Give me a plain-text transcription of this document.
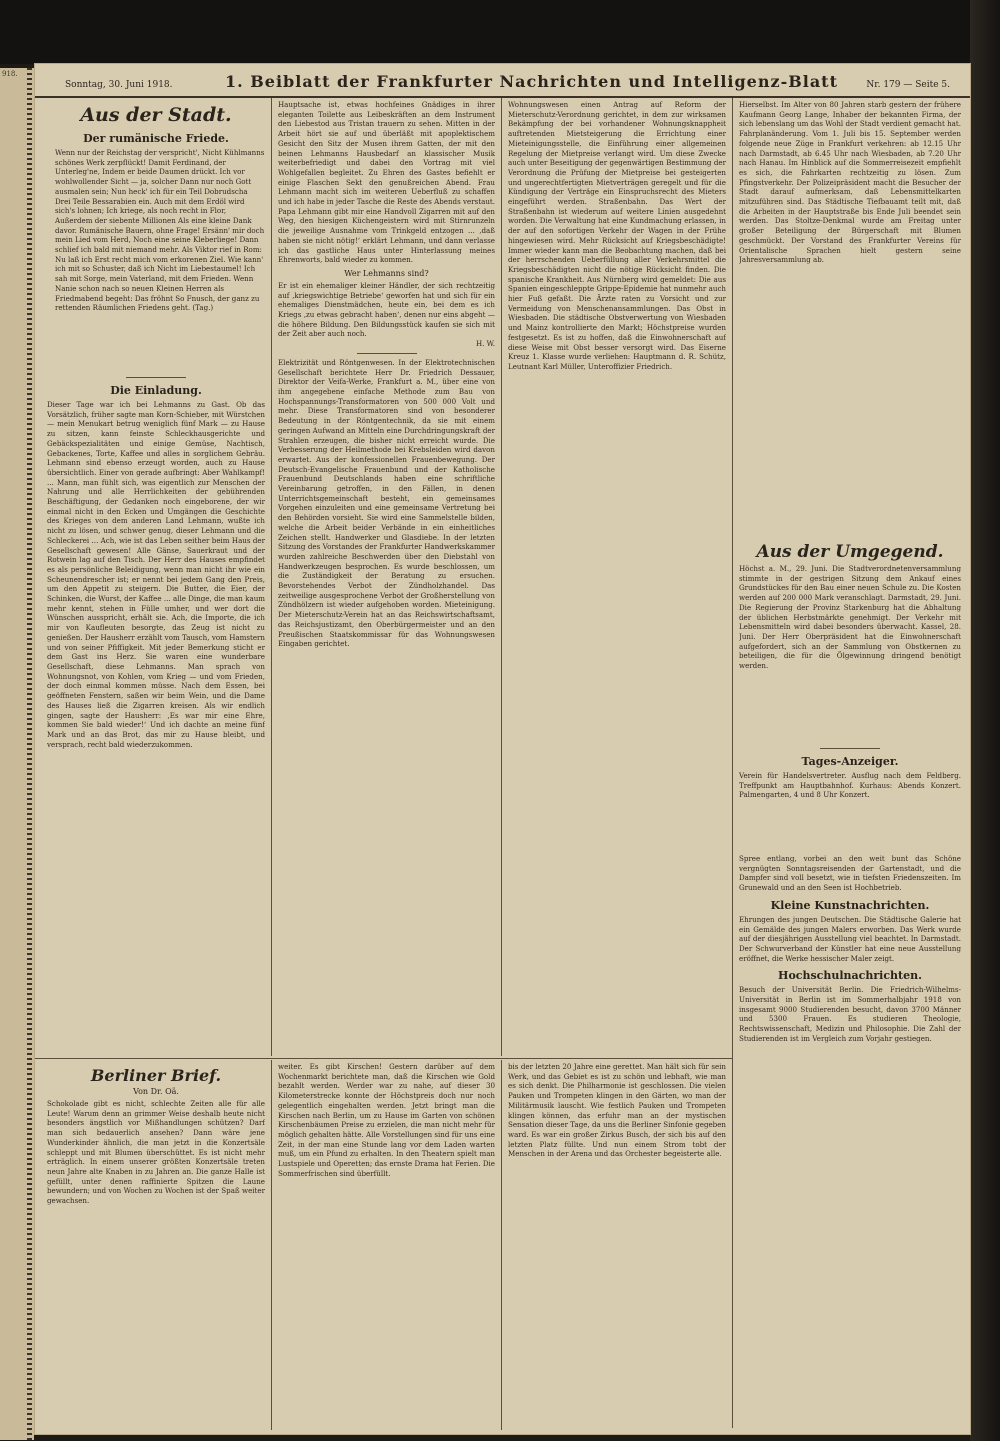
918.
Sonntag, 30. Juni 1918.	1. Beiblatt der Frankfurter Nachrichten und Intelligenz-Blatt	Nr. 179 — Seite 5.
Aus der Stadt.
Der rumänische Friede.

Wenn nur der Reichstag der verspricht', Nicht Kühlmanns schönes Werk zerpflückt! Damit Ferdinand, der Unterleg'ne, Indem er beide Daumen drückt. Ich vor wohlwollender Sicht — ja, solcher Dann nur noch Gott ausmalen sein; Nun heck' ich für ein Teil Dobrudscha Drei Teile Bessarabien ein. Auch mit dem Erdöl wird sich's lohnen; Ich kriege, als noch recht in Flor, Außerdem der siebente Millionen Als eine kleine Dank davor. Rumänische Bauern, ohne Frage! Ersänn' mir doch mein Lied vom Herd, Noch eine seine Kleberliege! Dann schlief ich bald mit niemand mehr. Als Viktor rief in Rom: Nu laß ich Erst recht mich vom erkorenen Ziel. Wie kann' ich mit so Schuster, daß ich Nicht im Liebestaumel! Ich sah mit Sorge, mein Vaterland, mit dem Frieden. Wenn Nanie schon nach so neuen Kleinen Herren als Friedmabend begeht: Das fröhnt So Fnusch, der ganz zu rettenden Räumlichen Friedens geht. (Tag.)

Die Einladung.

Dieser Tage war ich bei Lehmanns zu Gast. Ob das Vorsätzlich, früher sagte man Korn-Schieber, mit Würstchen — mein Menukart betrug weniglich fünf Mark — zu Hause zu sitzen, kann feinste Schleckhausgerichte und Gebäckspezialitäten und einige Gemüse, Nachtisch, Gebackenes, Torte, Kaffee und alles in sorglichem Gebräu. Lehmann sind ebenso erzeugt worden, auch zu Hause übersichtlich. Einer von gerade aufbringt: Aber Wahlkampf! ... Mann, man fühlt sich, was eigentlich zur Menschen der Nahrung und alle Herrlichkeiten der gebührenden Beschäftigung, der Gedanken noch eingeborene, der wir einmal nicht in den Ecken und Umgängen die Geschichte des Krieges von dem anderen Land Lehmann, wußte ich nicht zu lösen, und schwer genug, dieser Lehmann und die Schleckerei ... Ach, wie ist das Leben seither beim Haus der Gesellschaft gewesen! Alle Gänse, Sauerkraut und der Rotwein lag auf den Tisch. Der Herr des Hauses empfindet es als persönliche Beleidigung, wenn man nicht ihr wie ein Scheunendrescher ist; er nennt bei jedem Gang den Preis, um den Appetit zu steigern. Die Butter, die Eier, der Schinken, die Wurst, der Kaffee ... alle Dinge, die man kaum mehr kennt, stehen in Fülle umher, und wer dort die Wünschen ausspricht, erhält sie. Ach, die Importe, die ich mir von Kaufleuten besorgte, das Zeug ist nicht zu genießen. Der Hausherr erzählt vom Tausch, vom Hamstern und von seiner Pfiffigkeit. Mit jeder Bemerkung sticht er dem Gast ins Herz. Sie waren eine wunderbare Gesellschaft, diese Lehmanns. Man sprach von Wohnungsnot, von Kohlen, vom Krieg — und vom Frieden, der doch einmal kommen müsse. Nach dem Essen, bei geöffneten Fenstern, saßen wir beim Wein, und die Dame des Hauses ließ die Zigarren kreisen. Als wir endlich gingen, sagte der Hausherr: ‚Es war mir eine Ehre, kommen Sie bald wieder!‘ Und ich dachte an meine fünf Mark und an das Brot, das mir zu Hause bleibt, und versprach, recht bald wiederzukommen.

Hauptsache ist, etwas hochfeines Gnädiges in ihrer eleganten Toilette aus Leibeskräften an dem Instrument den Liebestod aus Tristan trauern zu sehen. Mitten in der Arbeit hört sie auf und überläßt mit apoplektischem Gesicht den Sitz der Musen ihrem Gatten, der mit den beinen Lehmanns Hausbedarf an klassischer Musik weiterbefriedigt und dabei den Vortrag mit viel Wohlgefallen begleitet. Zu Ehren des Gastes befiehlt er einige Flaschen Sekt den genußreichen Abend. Frau Lehmann macht sich im weiteren Ueberfluß zu schaffen und ich habe in jeder Tasche die Reste des Abends verstaut. Papa Lehmann gibt mir eine Handvoll Zigarren mit auf den Weg, den hiesigen Küchengeistern wird mit Stirnrunzeln die jeweilige Ausnahme vom Trinkgeld entzogen ... ‚daß haben sie nicht nötig!‘ erklärt Lehmann, und dann verlasse ich das gastliche Haus unter Hinterlassung meines Ehrenworts, bald wieder zu kommen.

Wer Lehmanns sind?

Er ist ein ehemaliger kleiner Händler, der sich rechtzeitig auf ‚kriegswichtige Betriebe‘ geworfen hat und sich für ein ehemaliges Dienstmädchen, heute ein, bei dem es ich Kriegs ‚zu etwas gebracht haben‘, denen nur eins abgeht — die höhere Bildung. Den Bildungsstück kaufen sie sich mit der Zeit aber auch noch.

H. W.

Elektrizität und Röntgenwesen. In der Elektrotechnischen Gesellschaft berichtete Herr Dr. Friedrich Dessauer, Direktor der Veifa-Werke, Frankfurt a. M., über eine von ihm angegebene einfache Methode zum Bau von Hochspannungs-Transformatoren von 500 000 Volt und mehr. Diese Transformatoren sind von besonderer Bedeutung in der Röntgentechnik, da sie mit einem geringen Aufwand an Mitteln eine Durchdringungskraft der Strahlen erzeugen, die bisher nicht erreicht wurde. Die Verbesserung der Heilmethode bei Krebsleiden wird davon erwartet. Aus der konfessionellen Frauenbewegung. Der Deutsch-Evangelische Frauenbund und der Katholische Frauenbund Deutschlands haben eine schriftliche Vereinbarung getroffen, in den Fällen, in denen Unterrichtsgemeinschaft besteht, ein gemeinsames Vorgehen einzuleiten und eine gemeinsame Vertretung bei den Behörden vorsieht. Sie wird eine Sammelstelle bilden, welche die Arbeit beider Verbände in ein einheitliches Zeichen stellt. Handwerker und Glasdiebe. In der letzten Sitzung des Vorstandes der Frankfurter Handwerkskammer wurden zahlreiche Beschwerden über den Diebstahl von Handwerkzeugen besprochen. Es wurde beschlossen, um die Zuständigkeit der Beratung zu ersuchen. Bevorstehendes Verbot der Zündholzhandel. Das zeitweilige ausgesprochene Verbot der Großherstellung von Zündhölzern ist wieder aufgehoben worden. Mieteinigung. Der Mieterschutz-Verein hat an das Reichswirtschaftsamt, das Reichsjustizamt, den Oberbürgermeister und an den Preußischen Staatskommissar für das Wohnungswesen Eingaben gerichtet.

Wohnungswesen einen Antrag auf Reform der Mieterschutz-Verordnung gerichtet, in dem zur wirksamen Bekämpfung der bei vorhandener Wohnungsknappheit auftretenden Mietsteigerung die Errichtung einer Mieteinigungsstelle, die Einführung einer allgemeinen Regelung der Mietpreise verlangt wird. Um diese Zwecke auch unter Beseitigung der gegenwärtigen Bestimmung der Verordnung die Prüfung der Mietpreise bei gesteigerten und ungerechtfertigten Mietverträgen geregelt und für die Kündigung der Verträge ein Einspruchsrecht des Mieters eingeführt werden. Straßenbahn. Das Wert der Straßenbahn ist wiederum auf weitere Linien ausgedehnt worden. Die Verwaltung hat eine Kundmachung erlassen, in der auf den sofortigen Verkehr der Wagen in der Frühe hingewiesen wird. Mehr Rücksicht auf Kriegsbeschädigte! Immer wieder kann man die Beobachtung machen, daß bei der herrschenden Ueberfüllung aller Verkehrsmittel die Kriegsbeschädigten nicht die nötige Rücksicht finden. Die spanische Krankheit. Aus Nürnberg wird gemeldet: Die aus Spanien eingeschleppte Grippe-Epidemie hat nunmehr auch hier Fuß gefaßt. Die Ärzte raten zu Vorsicht und zur Vermeidung von Menschenansammlungen. Das Obst in Wiesbaden. Die städtische Obstverwertung von Wiesbaden und Mainz kontrollierte den Markt; Höchstpreise wurden festgesetzt. Es ist zu hoffen, daß die Einwohnerschaft auf diese Weise mit Obst besser versorgt wird. Das Eiserne Kreuz 1. Klasse wurde verliehen: Hauptmann d. R. Schütz, Leutnant Karl Müller, Unteroffizier Friedrich.

Hierselbst. Im Alter von 80 Jahren starb gestern der frühere Kaufmann Georg Lange, Inhaber der bekannten Firma, der sich lebenslang um das Wohl der Stadt verdient gemacht hat. Fahrplanänderung. Vom 1. Juli bis 15. September werden folgende neue Züge in Frankfurt verkehren: ab 12.15 Uhr nach Darmstadt, ab 6.45 Uhr nach Wiesbaden, ab 7.20 Uhr nach Hanau. Im Hinblick auf die Sommerreisezeit empfiehlt es sich, die Fahrkarten rechtzeitig zu lösen. Zum Pfingstverkehr. Der Polizeipräsident macht die Besucher der Stadt darauf aufmerksam, daß Lebensmittelkarten mitzuführen sind. Das Städtische Tiefbauamt teilt mit, daß die Arbeiten in der Hauptstraße bis Ende Juli beendet sein werden. Das Stoltze-Denkmal wurde am Freitag unter großer Beteiligung der Bürgerschaft mit Blumen geschmückt. Der Vorstand des Frankfurter Vereins für Orientalische Sprachen hielt gestern seine Jahresversammlung ab.

Aus der Umgegend.

Höchst a. M., 29. Juni. Die Stadtverordnetenversammlung stimmte in der gestrigen Sitzung dem Ankauf eines Grundstückes für den Bau einer neuen Schule zu. Die Kosten werden auf 200 000 Mark veranschlagt. Darmstadt, 29. Juni. Die Regierung der Provinz Starkenburg hat die Abhaltung der üblichen Herbstmärkte genehmigt. Der Verkehr mit Lebensmitteln wird dabei besonders überwacht. Kassel, 28. Juni. Der Herr Oberpräsident hat die Einwohnerschaft aufgefordert, sich an der Sammlung von Obstkernen zu beteiligen, die für die Ölgewinnung dringend benötigt werden.

Tages-Anzeiger.

Verein für Handelsvertreter. Ausflug nach dem Feldberg. Treffpunkt am Hauptbahnhof. Kurhaus: Abends Konzert. Palmengarten, 4 und 8 Uhr Konzert.

Berliner Brief.
Von Dr. Oä.

Schokolade gibt es nicht, schlechte Zeiten alle für alle Leute! Warum denn an grimmer Weise deshalb heute nicht besonders ängstlich vor Mißhandlungen schützen? Darf man sich bedauerlich ansehen? Dann wäre jene Wunderkinder ähnlich, die man jetzt in die Konzertsäle schleppt und mit Blumen überschüttet. Es ist nicht mehr erträglich. In einem unserer größten Konzertsäle treten neun Jahre alte Knaben in zu Jahren an. Die ganze Halle ist gefüllt, unter denen raffinierte Spitzen die Laune bewundern; und von Wochen zu Wochen ist der Spaß weiter gewachsen.

weiter. Es gibt Kirschen! Gestern darüber auf dem Wochenmarkt berichtete man, daß die Kirschen wie Gold bezahlt werden. Werder war zu nahe, auf dieser 30 Kilometerstrecke konnte der Höchstpreis doch nur noch gelegentlich eingehalten werden. Jetzt bringt man die Kirschen nach Berlin, um zu Hause im Garten von schönen Kirschenbäumen Preise zu erzielen, die man nicht mehr für möglich gehalten hätte. Alle Vorstellungen sind für uns eine Zeit, in der man eine Stunde lang vor dem Laden warten muß, um ein Pfund zu erhalten. In den Theatern spielt man Lustspiele und Operetten; das ernste Drama hat Ferien. Die Sommerfrischen sind überfüllt.

bis der letzten 20 Jahre eine gerettet. Man hält sich für sein Werk, und das Gebiet es ist zu schön und lebhaft, wie man es sich denkt. Die Philharmonie ist geschlossen. Die vielen Pauken und Trompeten klingen in den Gärten, wo man der Militärmusik lauscht. Wie festlich Pauken und Trompeten klingen können, das erfuhr man an der mystischen Sensation dieser Tage, da uns die Berliner Sinfonie gegeben ward. Es war ein großer Zirkus Busch, der sich bis auf den letzten Platz füllte. Und nun einem Strom tobt der Menschen in der Arena und das Orchester begeisterte alle.

Spree entlang, vorbei an den weit bunt das Schöne vergnügten Sonntagsreisenden der Gartenstadt, und die Dampfer sind voll besetzt, wie in tiefsten Friedenszeiten. Im Grunewald und an den Seen ist Hochbetrieb.

Kleine Kunstnachrichten.

Ehrungen des jungen Deutschen. Die Städtische Galerie hat ein Gemälde des jungen Malers erworben. Das Werk wurde auf der diesjährigen Ausstellung viel beachtet. In Darmstadt. Der Schwurverband der Künstler hat eine neue Ausstellung eröffnet, die Werke hessischer Maler zeigt.

Hochschulnachrichten.

Besuch der Universität Berlin. Die Friedrich-Wilhelms-Universität in Berlin ist im Sommerhalbjahr 1918 von insgesamt 9000 Studierenden besucht, davon 3700 Männer und 5300 Frauen. Es studieren Theologie, Rechtswissenschaft, Medizin und Philosophie. Die Zahl der Studierenden ist im Vergleich zum Vorjahr gestiegen.
